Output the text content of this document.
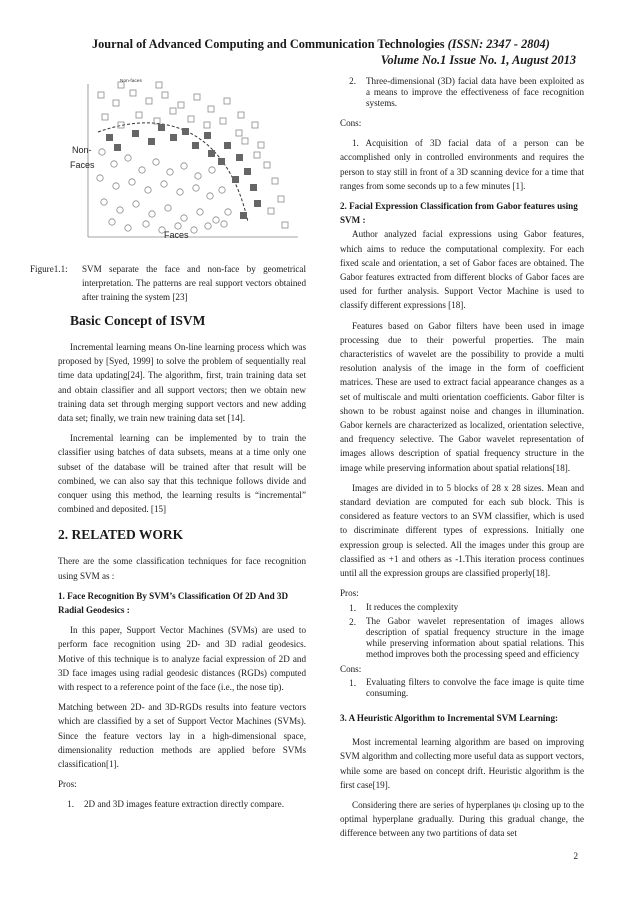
Journal of Advanced Computing and Communication Technologies (ISSN: 2347 - 2804)
Volume No.1 Issue No. 1, August 2013
Non-faces
Non-
Faces
Faces
Figure1.1:	SVM separate the face and non-face by geometrical interpretation. The patterns are real support vectors obtained after training the system [23]

Basic Concept of ISVM

Incremental learning means On-line learning process which was proposed by [Syed, 1999] to solve the problem of sequentially real time data updating[24]. The algorithm, first, train training data set and obtain classifier and all support vectors; then we obtain new training data set through merging support vectors and new adding data set; finally, we train new training data set [14].

Incremental learning can be implemented by to train the classifier using batches of data subsets, means at a time only one subset of the database will be trained after that result will be combined, we can also say that this technique follows divide and conquer using this method, the learning results is “incremental” combined and deposited. [15]

2. RELATED WORK

There are the some classification techniques for face recognition using SVM as :

1. Face Recognition By SVM’s Classification Of 2D And 3D Radial Geodesics :

In this paper, Support Vector Machines (SVMs) are used to perform face recognition using 2D- and 3D radial geodesics. Motive of this technique is to analyze facial expression of 2D and 3D face images using radial geodesic distances (RGDs) computed with respect to a reference point of the face (i.e., the nose tip).

Matching between 2D- and 3D-RGDs results into feature vectors which are classified by a set of Support Vector Machines (SVMs). Since the feature vectors lay in a high-dimensional space, dimensionality reduction methods are applied before SVMs classification[1].

Pros:

1.	2D and 3D images feature extraction directly compare.
2.	Three-dimensional (3D) facial data have been exploited as a means to improve the effectiveness of face recognition systems.

Cons:

1. Acquisition of 3D facial data of a person can be accomplished only in controlled environments and requires the person to stay still in front of a 3D scanning device for a time that ranges from some seconds up to a few minutes [1].

2. Facial Expression Classification from Gabor features using SVM :

Author analyzed facial expressions using Gabor features, which aims to reduce the computational complexity. For each fixed scale and orientation, a set of Gabor faces are obtained. The Gabor features extracted from different blocks of Gabor faces are used for further analysis. Support Vector Machine is used to classify different expressions [18].

Features based on Gabor filters have been used in image processing due to their powerful properties. The main characteristics of wavelet are the possibility to provide a multi resolution analysis of the image in the form of coefficient matrices. These are used to extract facial appearance changes as a set of multiscale and multi orientation coefficients. Gabor filter is shown to be robust against noise and changes in illumination. Gabor kernels are characterized as localized, orientation selective, and frequency selective. The Gabor wavelet representation of images allows description of spatial frequency structure in the image while preserving information about spatial relations[18].

Images are divided in to 5 blocks of 28 x 28 sizes. Mean and standard deviation are computed for each sub block. This is considered as feature vectors to an SVM classifier, which is used to discriminate different types of expressions. Initially one expression group is selected. All the images under this group are classified as +1 and others as -1.This iteration process continues until all the expression groups are classified properly[18].

Pros:

1.	It reduces the complexity
2.	The Gabor wavelet representation of images allows description of spatial frequency structure in the image while preserving information about spatial relations. This method improves both the processing speed and efficiency

Cons:

1.	Evaluating filters to convolve the face image is quite time consuming.

3. A Heuristic Algorithm to Incremental SVM Learning:

Most incremental learning algorithm are based on improving SVM algorithm and collecting more useful data as support vectors, while some are based on concept drift. Heuristic algorithm is the first case[19].

Considering there are series of hyperplanes ψₜ closing up to the optimal hyperplane gradually. During this gradual change, the difference between any two partitions of data set

2
